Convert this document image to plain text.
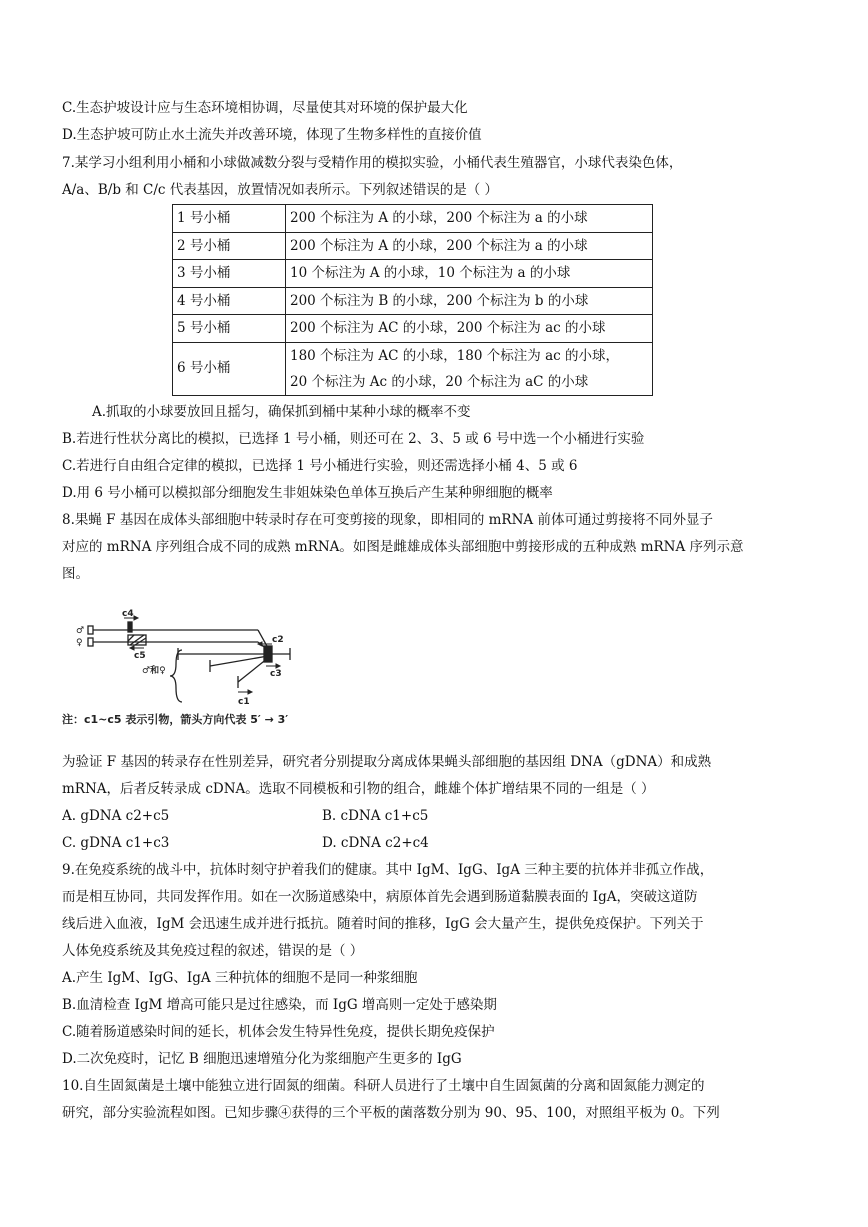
C.生态护坡设计应与生态环境相协调，尽量使其对环境的保护最大化
D.生态护坡可防止水土流失并改善环境，体现了生物多样性的直接价值
7.某学习小组利用小桶和小球做减数分裂与受精作用的模拟实验，小桶代表生殖器官，小球代表染色体，
A/a、B/b 和 C/c 代表基因，放置情况如表所示。下列叙述错误的是（ ）
1 号小桶	200 个标注为 A 的小球，200 个标注为 a 的小球

2 号小桶	200 个标注为 A 的小球，200 个标注为 a 的小球

3 号小桶	10 个标注为 A 的小球，10 个标注为 a 的小球

4 号小桶	200 个标注为 B 的小球，200 个标注为 b 的小球

5 号小桶	200 个标注为 AC 的小球，200 个标注为 ac 的小球

6 号小桶	180 个标注为 AC 的小球，180 个标注为 ac 的小球，
20 个标注为 Ac 的小球，20 个标注为 aC 的小球
A.抓取的小球要放回且摇匀，确保抓到桶中某种小球的概率不变
B.若进行性状分离比的模拟，已选择 1 号小桶，则还可在 2、3、5 或 6 号中选一个小桶进行实验
C.若进行自由组合定律的模拟，已选择 1 号小桶进行实验，则还需选择小桶 4、5 或 6
D.用 6 号小桶可以模拟部分细胞发生非姐妹染色单体互换后产生某种卵细胞的概率
8.果蝇 F 基因在成体头部细胞中转录时存在可变剪接的现象，即相同的 mRNA 前体可通过剪接将不同外显子
对应的 mRNA 序列组合成不同的成熟 mRNA。如图是雌雄成体头部细胞中剪接形成的五种成熟 mRNA 序列示意
图。
♂
♀
c4
c5
♂和♀
c2
c3
c1
注：c1~c5 表示引物，箭头方向代表 5′ → 3′
为验证 F 基因的转录存在性别差异，研究者分别提取分离成体果蝇头部细胞的基因组 DNA（gDNA）和成熟
mRNA，后者反转录成 cDNA。选取不同模板和引物的组合，雌雄个体扩增结果不同的一组是（ ）
A. gDNA c2+c5	B. cDNA c1+c5
C. gDNA c1+c3	D. cDNA c2+c4
9.在免疫系统的战斗中，抗体时刻守护着我们的健康。其中 IgM、IgG、IgA 三种主要的抗体并非孤立作战，
而是相互协同，共同发挥作用。如在一次肠道感染中，病原体首先会遇到肠道黏膜表面的 IgA，突破这道防
线后进入血液，IgM 会迅速生成并进行抵抗。随着时间的推移，IgG 会大量产生，提供免疫保护。下列关于
人体免疫系统及其免疫过程的叙述，错误的是（ ）
A.产生 IgM、IgG、IgA 三种抗体的细胞不是同一种浆细胞
B.血清检查 IgM 增高可能只是过往感染，而 IgG 增高则一定处于感染期
C.随着肠道感染时间的延长，机体会发生特异性免疫，提供长期免疫保护
D.二次免疫时，记忆 B 细胞迅速增殖分化为浆细胞产生更多的 IgG
10.自生固氮菌是土壤中能独立进行固氮的细菌。科研人员进行了土壤中自生固氮菌的分离和固氮能力测定的
研究，部分实验流程如图。已知步骤④获得的三个平板的菌落数分别为 90、95、100，对照组平板为 0。下列
